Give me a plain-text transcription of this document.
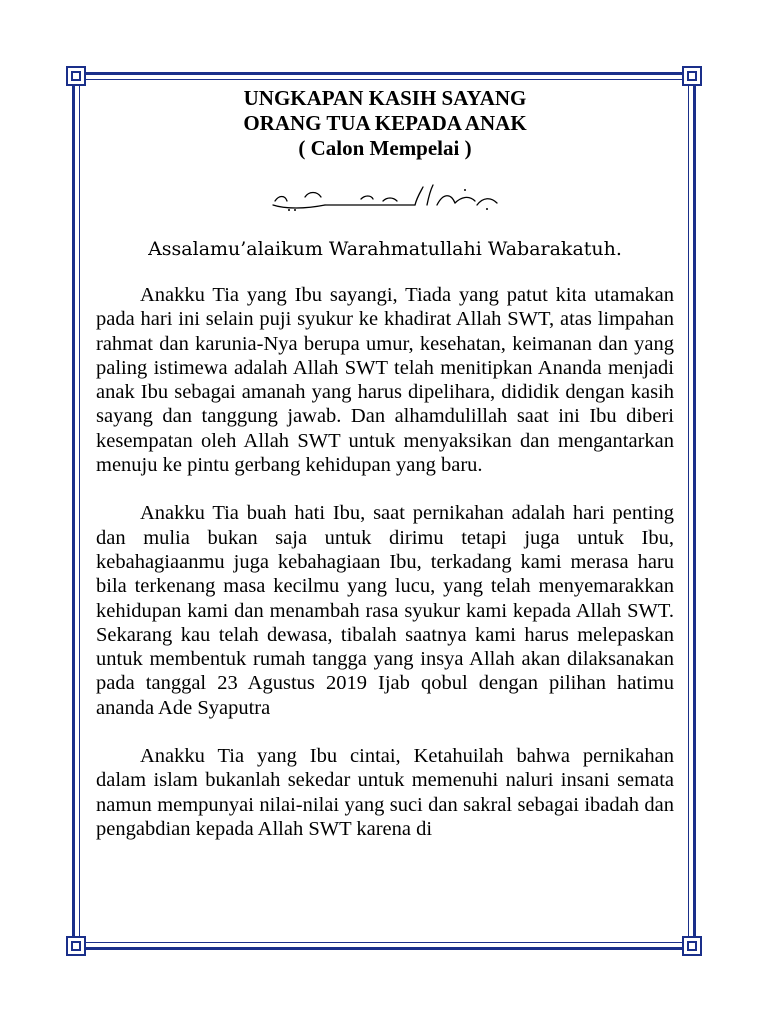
UNGKAPAN KASIH SAYANG

ORANG TUA KEPADA ANAK

( Calon Mempelai )

Assalamu’alaikum Warahmatullahi Wabarakatuh.

Anakku Tia yang Ibu sayangi, Tiada yang patut kita utamakan pada hari ini selain puji syukur ke khadirat Allah SWT, atas limpahan rahmat dan karunia-Nya berupa umur, kesehatan, keimanan dan yang paling istimewa adalah Allah SWT telah menitipkan Ananda menjadi anak Ibu sebagai amanah yang harus dipelihara, dididik dengan kasih sayang dan tanggung jawab. Dan alhamdulillah saat ini Ibu diberi kesempatan oleh Allah SWT untuk menyaksikan dan mengantarkan menuju ke pintu gerbang kehidupan yang baru.

Anakku Tia buah hati Ibu, saat pernikahan adalah hari penting dan mulia bukan saja untuk dirimu tetapi juga untuk Ibu, kebahagiaanmu juga kebahagiaan Ibu, terkadang kami merasa haru bila terkenang masa kecilmu yang lucu, yang telah menyemarakkan kehidupan kami dan menambah rasa syukur kami kepada Allah SWT. Sekarang kau telah dewasa, tibalah saatnya kami harus melepaskan untuk membentuk rumah tangga yang insya Allah akan dilaksanakan pada tanggal 23 Agustus 2019 Ijab qobul dengan pilihan hatimu ananda Ade Syaputra

Anakku Tia yang Ibu cintai, Ketahuilah bahwa pernikahan dalam islam bukanlah sekedar untuk memenuhi naluri insani semata namun mempunyai nilai-nilai yang suci dan sakral sebagai ibadah dan pengabdian kepada Allah SWT karena di
